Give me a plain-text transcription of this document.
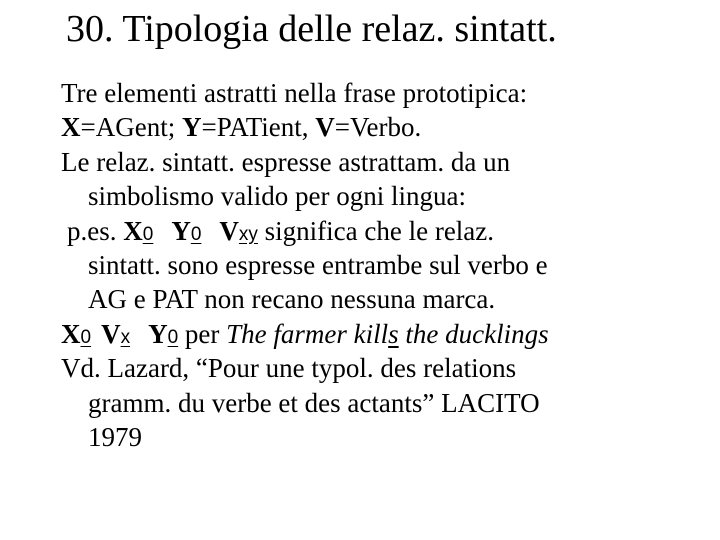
30. Tipologia delle relaz. sintatt.
Tre elementi astratti nella frase prototipica:
X=AGent; Y=PATient, V=Verbo.
Le relaz. sintatt. espresse astrattam. da un
simbolismo valido per ogni lingua:
p.es. X0 Y0 Vxy significa che le relaz.
sintatt. sono espresse entrambe sul verbo e
AG e PAT non recano nessuna marca.
X0 Vx Y0 per The farmer kills the ducklings
Vd. Lazard, “Pour une typol. des relations
gramm. du verbe et des actants” LACITO
1979
